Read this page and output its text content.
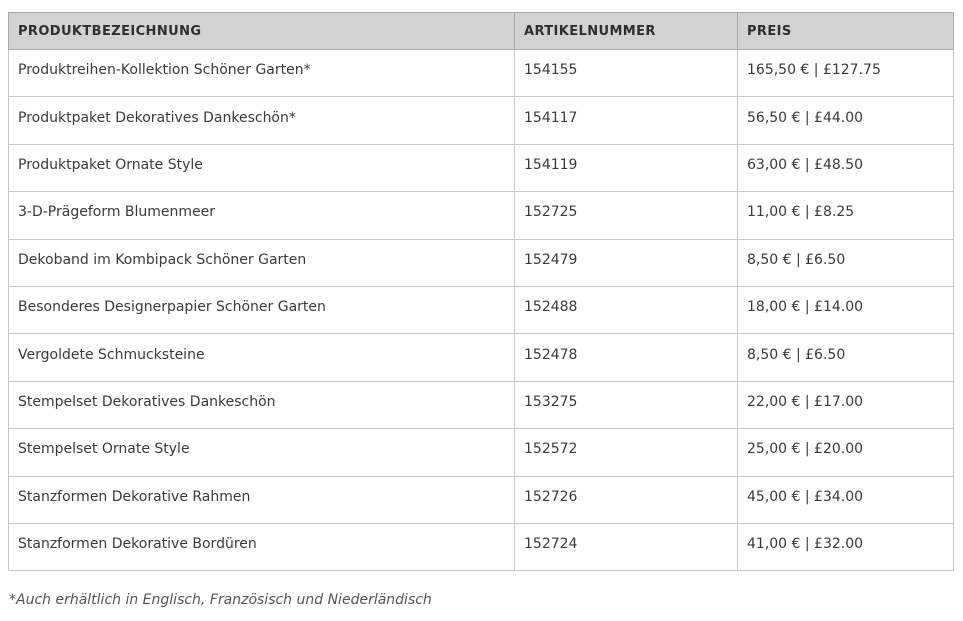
PRODUKTBEZEICHNUNG	ARTIKELNUMMER	PREIS
Produktreihen-Kollektion Schöner Garten*	154155	165,50 € | £127.75
Produktpaket Dekoratives Dankeschön*	154117	56,50 € | £44.00
Produktpaket Ornate Style	154119	63,00 € | £48.50
3-D-Prägeform Blumenmeer	152725	11,00 € | £8.25
Dekoband im Kombipack Schöner Garten	152479	8,50 € | £6.50
Besonderes Designerpapier Schöner Garten	152488	18,00 € | £14.00
Vergoldete Schmucksteine	152478	8,50 € | £6.50
Stempelset Dekoratives Dankeschön	153275	22,00 € | £17.00
Stempelset Ornate Style	152572	25,00 € | £20.00
Stanzformen Dekorative Rahmen	152726	45,00 € | £34.00
Stanzformen Dekorative Bordüren	152724	41,00 € | £32.00
*Auch erhältlich in Englisch, Französisch und Niederländisch
